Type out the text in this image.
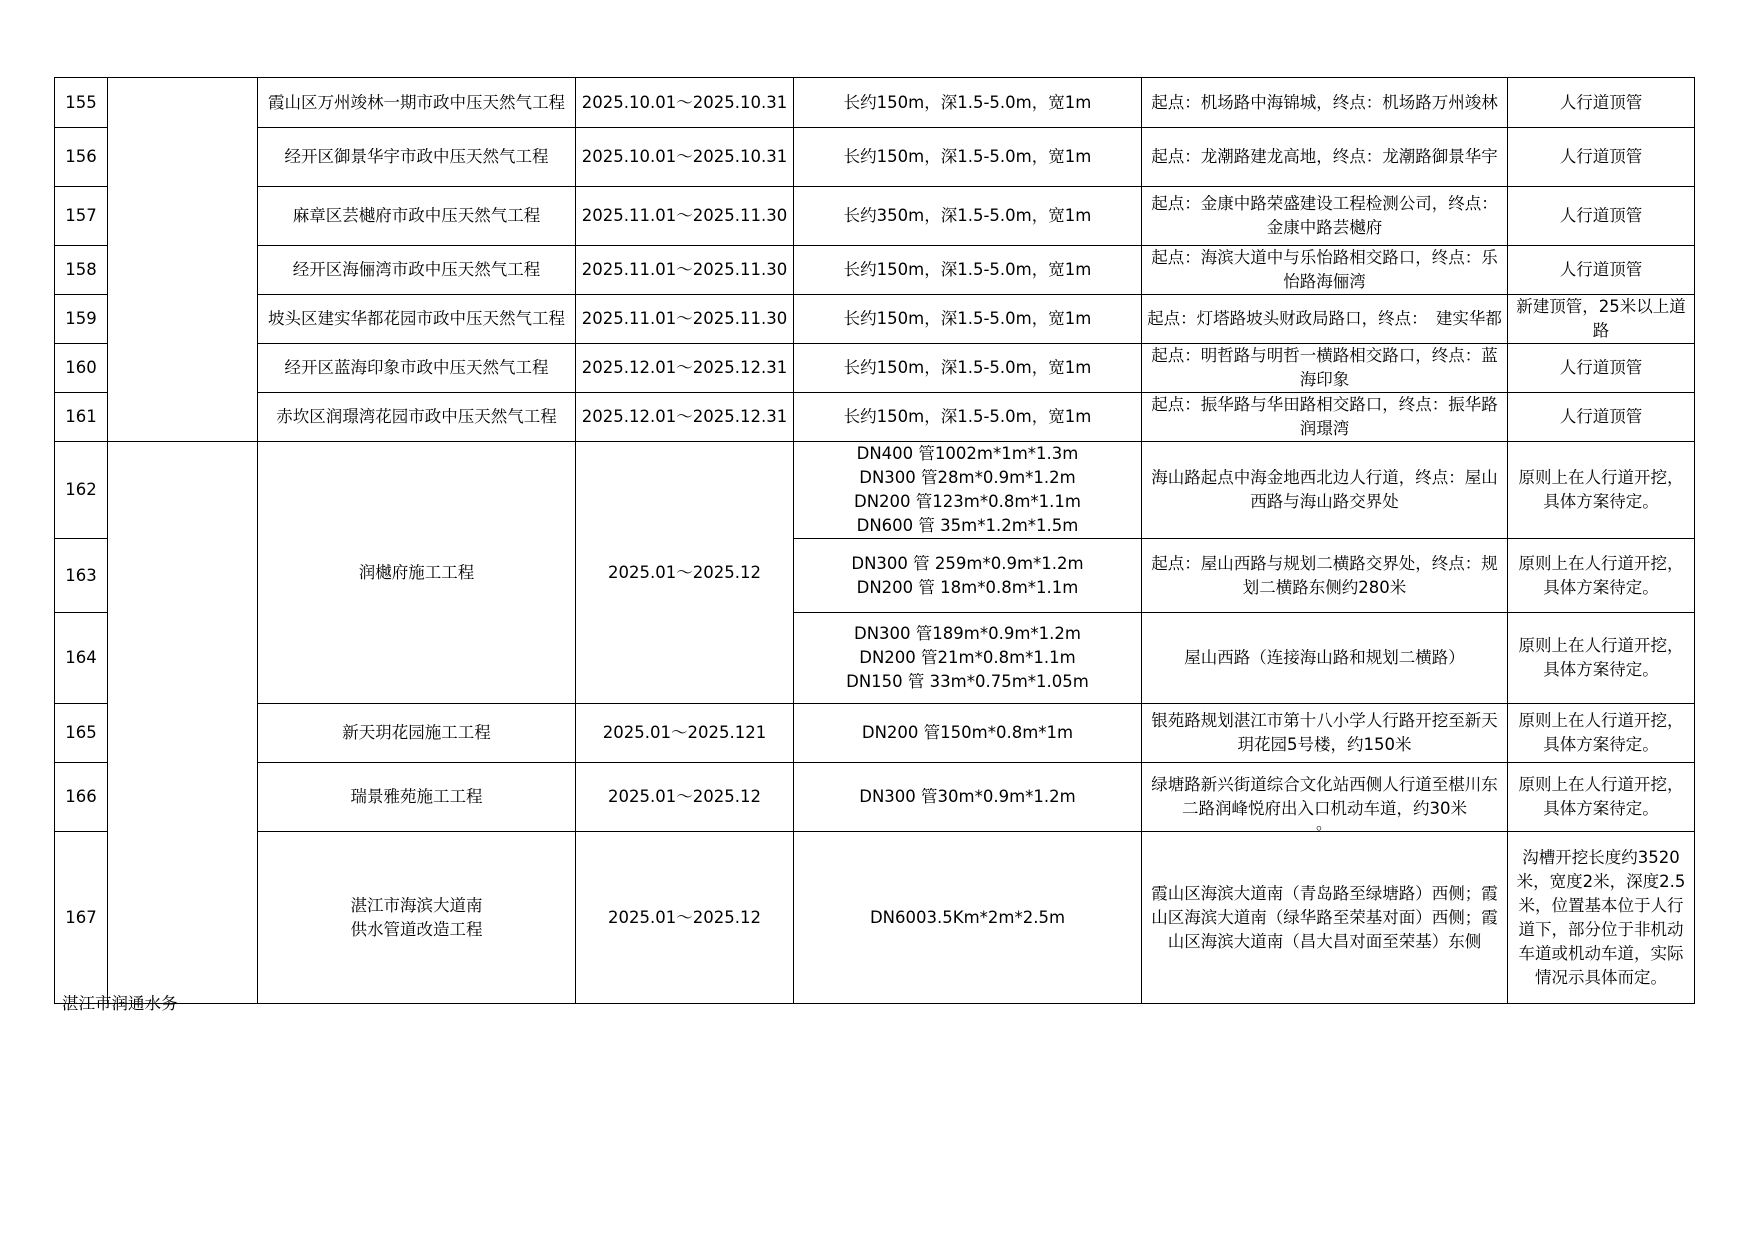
155		霞山区万州竣林一期市政中压天然气工程	2025.10.01～2025.10.31	长约150m，深1.5-5.0m，宽1m	起点：机场路中海锦城，终点：机场路万州竣林	人行道顶管
156		经开区御景华宇市政中压天然气工程	2025.10.01～2025.10.31	长约150m，深1.5-5.0m，宽1m	起点：龙潮路建龙高地，终点：龙潮路御景华宇	人行道顶管
157		麻章区芸樾府市政中压天然气工程	2025.11.01～2025.11.30	长约350m，深1.5-5.0m，宽1m	起点：金康中路荣盛建设工程检测公司，终点：金康中路芸樾府	人行道顶管
158		经开区海俪湾市政中压天然气工程	2025.11.01～2025.11.30	长约150m，深1.5-5.0m，宽1m	起点：海滨大道中与乐怡路相交路口，终点：乐怡路海俪湾	人行道顶管
159		坡头区建实华都花园市政中压天然气工程	2025.11.01～2025.11.30	长约150m，深1.5-5.0m，宽1m	起点：灯塔路坡头财政局路口，终点：　建实华都	新建顶管，25米以上道路
160		经开区蓝海印象市政中压天然气工程	2025.12.01～2025.12.31	长约150m，深1.5-5.0m，宽1m	起点：明哲路与明哲一横路相交路口，终点：蓝海印象	人行道顶管
161		赤坎区润璟湾花园市政中压天然气工程	2025.12.01～2025.12.31	长约150m，深1.5-5.0m，宽1m	起点：振华路与华田路相交路口，终点：振华路润璟湾	人行道顶管
162		润樾府施工工程	2025.01～2025.12	DN400 管1002m*1m*1.3m
DN300 管28m*0.9m*1.2m
DN200 管123m*0.8m*1.1m
DN600 管 35m*1.2m*1.5m	海山路起点中海金地西北边人行道，终点：屋山西路与海山路交界处	原则上在人行道开挖，具体方案待定。
163				DN300 管 259m*0.9m*1.2m
DN200 管 18m*0.8m*1.1m	起点：屋山西路与规划二横路交界处，终点：规划二横路东侧约280米	原则上在人行道开挖，具体方案待定。
164				DN300 管189m*0.9m*1.2m
DN200 管21m*0.8m*1.1m
DN150 管 33m*0.75m*1.05m	屋山西路（连接海山路和规划二横路）	原则上在人行道开挖，具体方案待定。
165		新天玥花园施工工程	2025.01～2025.121	DN200 管150m*0.8m*1m	银苑路规划湛江市第十八小学人行路开挖至新天玥花园5号楼，约150米	原则上在人行道开挖，具体方案待定。
166		瑞景雅苑施工工程	2025.01～2025.12	DN300 管30m*0.9m*1.2m	绿塘路新兴街道综合文化站西侧人行道至椹川东二路润峰悦府出入口机动车道，约30米	原则上在人行道开挖，具体方案待定。
167		湛江市海滨大道南
供水管道改造工程	2025.01～2025.12	DN6003.5Km*2m*2.5m	霞山区海滨大道南（青岛路至绿塘路）西侧；霞山区海滨大道南（绿华路至荣基对面）西侧；霞山区海滨大道南（昌大昌对面至荣基）东侧	沟槽开挖长度约3520米，宽度2米，深度2.5米，位置基本位于人行道下，部分位于非机动车道或机动车道，实际情况示具体而定。
。
湛江市润通水务
